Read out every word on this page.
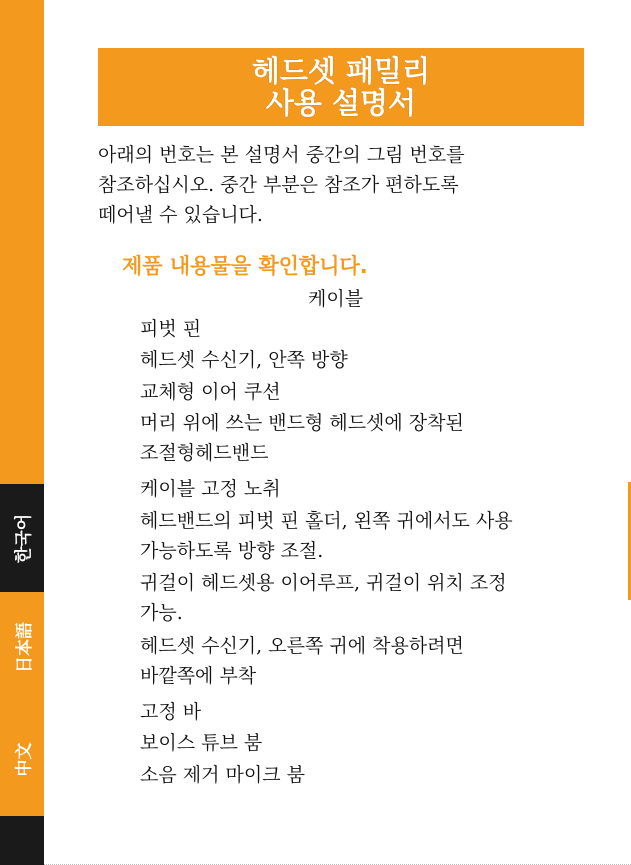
한국어
日本語
中文
헤드셋 패밀리
사용 설명서
아래의 번호는 본 설명서 중간의 그림 번호를
참조하십시오. 중간 부분은 참조가 편하도록
떼어낼 수 있습니다.
제품 내용물을 확인합니다.
케이블
피벗 핀
헤드셋 수신기, 안쪽 방향
교체형 이어 쿠션
머리 위에 쓰는 밴드형 헤드셋에 장착된
조절형헤드밴드
케이블 고정 노취
헤드밴드의 피벗 핀 홀더, 왼쪽 귀에서도 사용
가능하도록 방향 조절.
귀걸이 헤드셋용 이어루프, 귀걸이 위치 조정
가능.
헤드셋 수신기, 오른쪽 귀에 착용하려면
바깥쪽에 부착
고정 바
보이스 튜브 붐
소음 제거 마이크 붐
